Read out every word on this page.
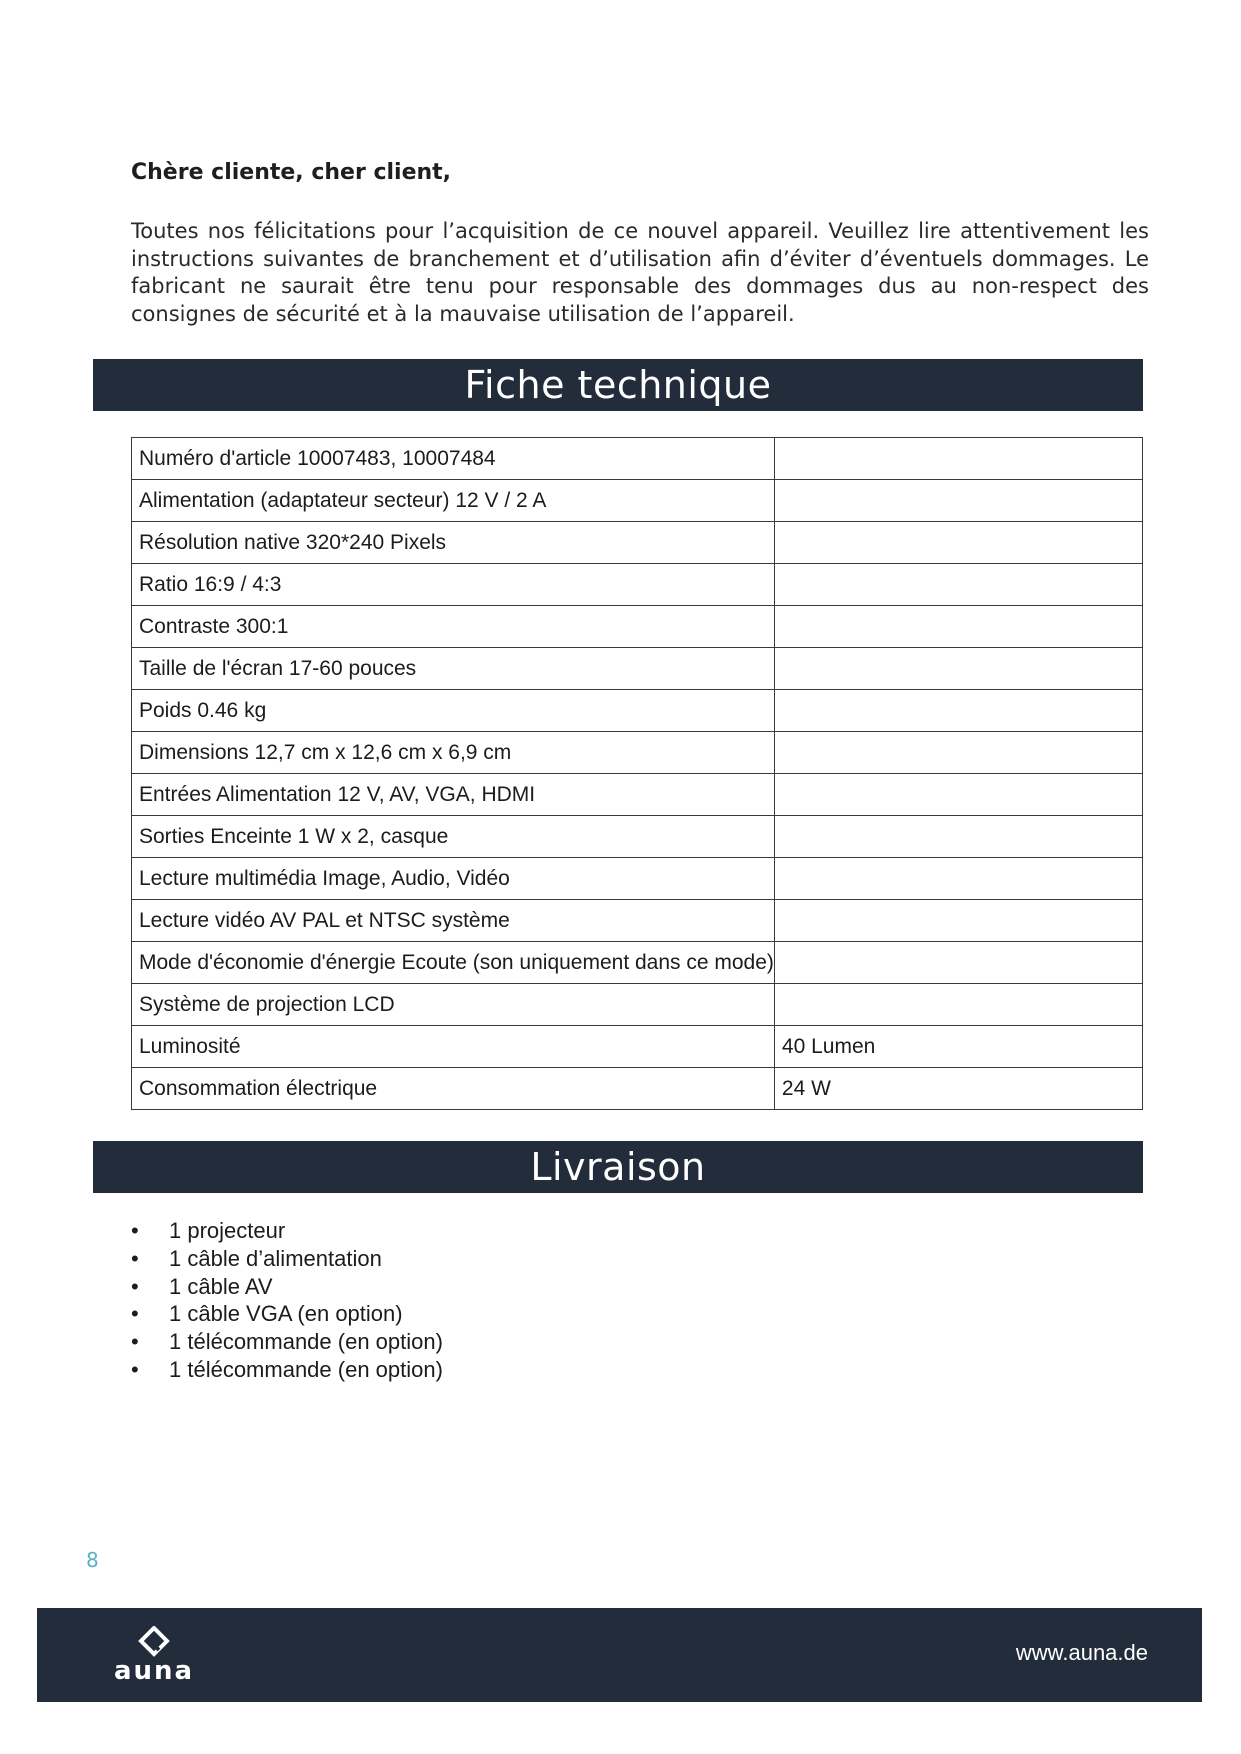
Chère cliente, cher client,

Toutes nos félicitations pour l’acquisition de ce nouvel appareil. Veuillez lire attentivement les instructions suivantes de branchement et d’utilisation afin d’éviter d’éventuels dommages. Le fabricant ne saurait être tenu pour responsable des dommages dus au non-respect des consignes de sécurité et à la mauvaise utilisation de l’appareil.

Fiche technique
Numéro d'article 10007483, 10007484	
Alimentation (adaptateur secteur) 12 V / 2 A	
Résolution native 320*240 Pixels	
Ratio 16:9 / 4:3	
Contraste 300:1	
Taille de l'écran 17-60 pouces	
Poids 0.46 kg	
Dimensions 12,7 cm x 12,6 cm x 6,9 cm	
Entrées Alimentation 12 V, AV, VGA, HDMI	
Sorties Enceinte 1 W x 2, casque	
Lecture multimédia Image, Audio, Vidéo	
Lecture vidéo AV PAL et NTSC système	
Mode d'économie d'énergie Ecoute (son uniquement dans ce mode)	
Système de projection LCD	
Luminosité	40 Lumen
Consommation électrique	24 W
Livraison
• 1 projecteur
• 1 câble d’alimentation
• 1 câble AV
• 1 câble VGA (en option)
• 1 télécommande (en option)
• 1 télécommande (en option)
8
auna
www.auna.de
